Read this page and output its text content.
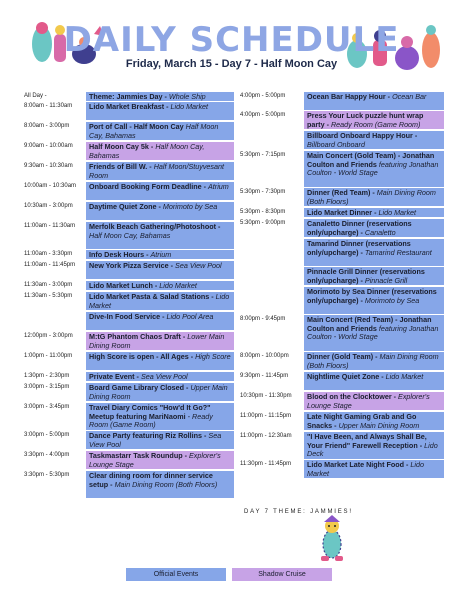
DAILY SCHEDULE
Friday, March 15 - Day 7 - Half Moon Cay
All Day -	Theme: Jammies Day - Whole Ship
8:00am - 11:30am	Lido Market Breakfast - Lido Market
8:00am - 3:00pm	Port of Call - Half Moon Cay Half Moon Cay, Bahamas
9:00am - 10:00am	Half Moon Cay 5k - Half Moon Cay, Bahamas
9:30am - 10:30am	Friends of Bill W. - Half Moon/Stuyvesant Room
10:00am - 10:30am	Onboard Booking Form Deadline - Atrium
10:30am - 3:00pm	Daytime Quiet Zone - Morimoto by Sea
11:00am - 11:30am	Merfolk Beach Gathering/Photoshoot - Half Moon Cay, Bahamas
11:00am - 3:30pm	Info Desk Hours - Atrium
11:00am - 11:45pm	New York Pizza Service - Sea View Pool
11:30am - 3:00pm	Lido Market Lunch - Lido Market
11:30am - 5:30pm	Lido Market Pasta & Salad Stations - Lido Market
Dive-In Food Service - Lido Pool Area
12:00pm - 3:00pm	M:tG Phantom Chaos Draft - Lower Main Dining Room
1:00pm - 11:00pm	High Score is open - All Ages - High Score
1:30pm - 2:30pm	Private Event - Sea View Pool
3:00pm - 3:15pm	Board Game Library Closed - Upper Main Dining Room
3:00pm - 3:45pm	Travel Diary Comics "How'd It Go?" Meetup featuring MariNaomi - Ready Room (Game Room)
3:00pm - 5:00pm	Dance Party featuring Riz Rollins - Sea View Pool
3:30pm - 4:00pm	Taskmastarr Task Roundup - Explorer's Lounge Stage
3:30pm - 5:30pm	Clear dining room for dinner service setup - Main Dining Room (Both Floors)
4:00pm - 5:00pm	Ocean Bar Happy Hour - Ocean Bar
4:00pm - 5:00pm	Press Your Luck puzzle hunt wrap party - Ready Room (Game Room)
Billboard Onboard Happy Hour - Billboard Onboard
5:30pm - 7:15pm	Main Concert (Gold Team) - Jonathan Coulton and Friends featuring Jonathan Coulton - World Stage
5:30pm - 7:30pm	Dinner (Red Team) - Main Dining Room (Both Floors)
5:30pm - 8:30pm	Lido Market Dinner - Lido Market
5:30pm - 9:00pm	Canaletto Dinner (reservations only/upcharge) - Canaletto
Tamarind Dinner (reservations only/upcharge) - Tamarind Restaurant
Pinnacle Grill Dinner (reservations only/upcharge) - Pinnacle Grill
Morimoto by Sea Dinner (reservations only/upcharge) - Morimoto by Sea
8:00pm - 9:45pm	Main Concert (Red Team) - Jonathan Coulton and Friends featuring Jonathan Coulton - World Stage
8:00pm - 10:00pm	Dinner (Gold Team) - Main Dining Room (Both Floors)
9:30pm - 11:45pm	Nightlime Quiet Zone - Lido Market
10:30pm - 11:30pm	Blood on the Clocktower - Explorer's Lounge Stage
11:00pm - 11:15pm	Late Night Gaming Grab and Go Snacks - Upper Main Dining Room
11:00pm - 12:30am	"I Have Been, and Always Shall Be, Your Friend" Farewell Reception - Lido Deck
11:30pm - 11:45pm	Lido Market Late Night Food - Lido Market
DAY 7 THEME: JAMMIES!
Official Events	Shadow Cruise
